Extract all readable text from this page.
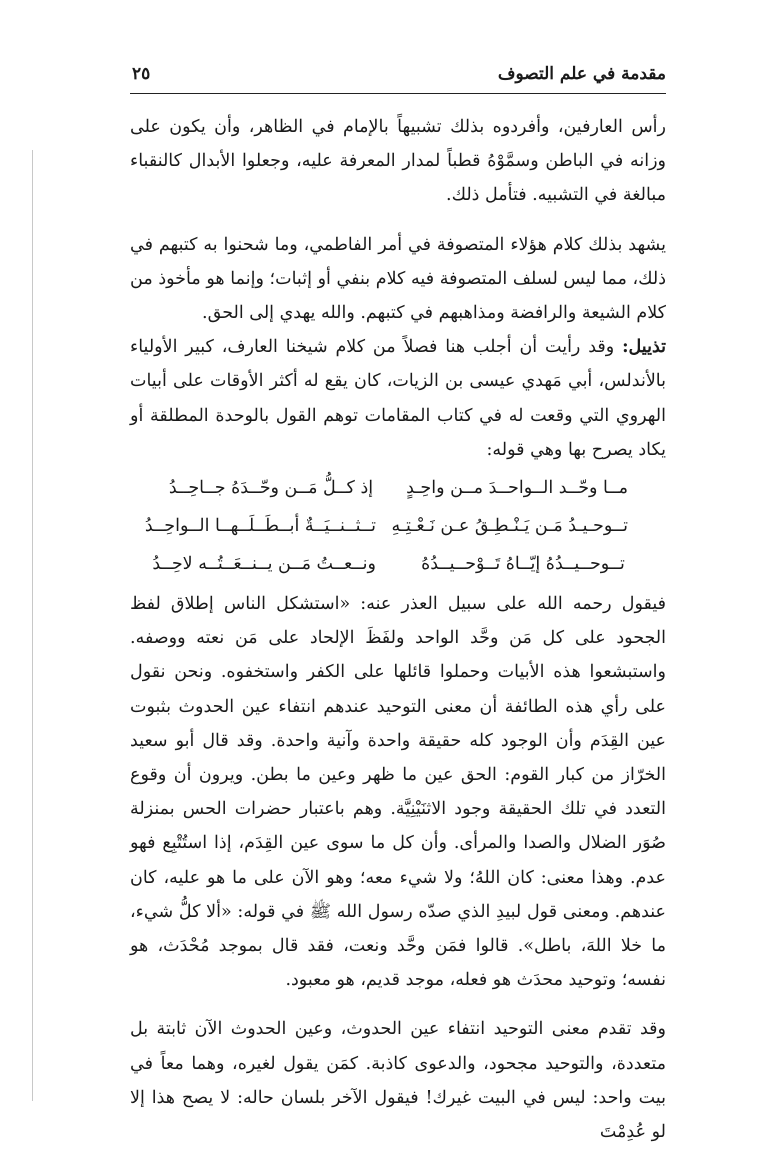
مقدمة في علم التصوف
٢٥

رأس العارفين، وأفردوه بذلك تشبيهاً بالإمام في الظاهر، وأن يكون على وزانه في الباطن وسمَّوْهُ قطباً لمدار المعرفة عليه، وجعلوا الأبدال كالنقباء مبالغة في التشبيه. فتأمل ذلك.

يشهد بذلك كلام هؤلاء المتصوفة في أمر الفاطمي، وما شحنوا به كتبهم في ذلك، مما ليس لسلف المتصوفة فيه كلام بنفي أو إثبات؛ وإنما هو مأخوذ من كلام الشيعة والرافضة ومذاهبهم في كتبهم. والله يهدي إلى الحق.

تذييل: وقد رأيت أن أجلب هنا فصلاً من كلام شيخنا العارف، كبير الأولياء بالأندلس، أبي مَهدي عيسى بن الزيات، كان يقع له أكثر الأوقات على أبيات الهروي التي وقعت له في كتاب المقامات توهم القول بالوحدة المطلقة أو يكاد يصرح بها وهي قوله:

مــا وحّــد الــواحــدَ مــن واحِـدٍ
إذ كــلُّ مَــن وحّــدَهُ جــاحِــدُ
تــوحـيـدُ مَـن يَـنْـطِـقُ عـن نَـعْـتِـهِ
تــثــنــيَــةٌ أبــطَــلَــهــا الــواحِــدُ
تــوحــيــدُهُ إيّــاهُ تَــوْحــيــدُهُ
ونــعــتُ مَــن يــنــعَــتُــه لاحِــدُ

فيقول رحمه الله على سبيل العذر عنه: «استشكل الناس إطلاق لفظ الجحود على كل مَن وحَّد الواحد ولفَظَ الإلحاد على مَن نعته ووصفه. واستبشعوا هذه الأبيات وحملوا قائلها على الكفر واستخفوه. ونحن نقول على رأي هذه الطائفة أن معنى التوحيد عندهم انتفاء عين الحدوث بثبوت عين القِدَم وأن الوجود كله حقيقة واحدة وآنية واحدة. وقد قال أبو سعيد الخرّاز من كبار القوم: الحق عين ما ظهر وعين ما بطن. ويرون أن وقوع التعدد في تلك الحقيقة وجود الاثنَيْنِيَّة. وهم باعتبار حضرات الحس بمنزلة صُوَر الضلال والصدا والمرأى. وأن كل ما سوى عين القِدَم، إذا استُتْبِع فهو عدم. وهذا معنى: كان اللهُ؛ ولا شيء معه؛ وهو الآن على ما هو عليه، كان عندهم. ومعنى قول لبيدِ الذي صدّه رسول الله ﷺ في قوله: «ألا كلُّ شيء، ما خلا اللهَ، باطل». قالوا فمَن وحَّد ونعت، فقد قال بموجد مُحْدَث، هو نفسه؛ وتوحيد محدَث هو فعله، موجد قديم، هو معبود.

وقد تقدم معنى التوحيد انتفاء عين الحدوث، وعين الحدوث الآن ثابتة بل متعددة، والتوحيد مجحود، والدعوى كاذبة. كمَن يقول لغيره، وهما معاً في بيت واحد: ليس في البيت غيرك! فيقول الآخر بلسان حاله: لا يصح هذا إلا لو عُدِمْتَ
